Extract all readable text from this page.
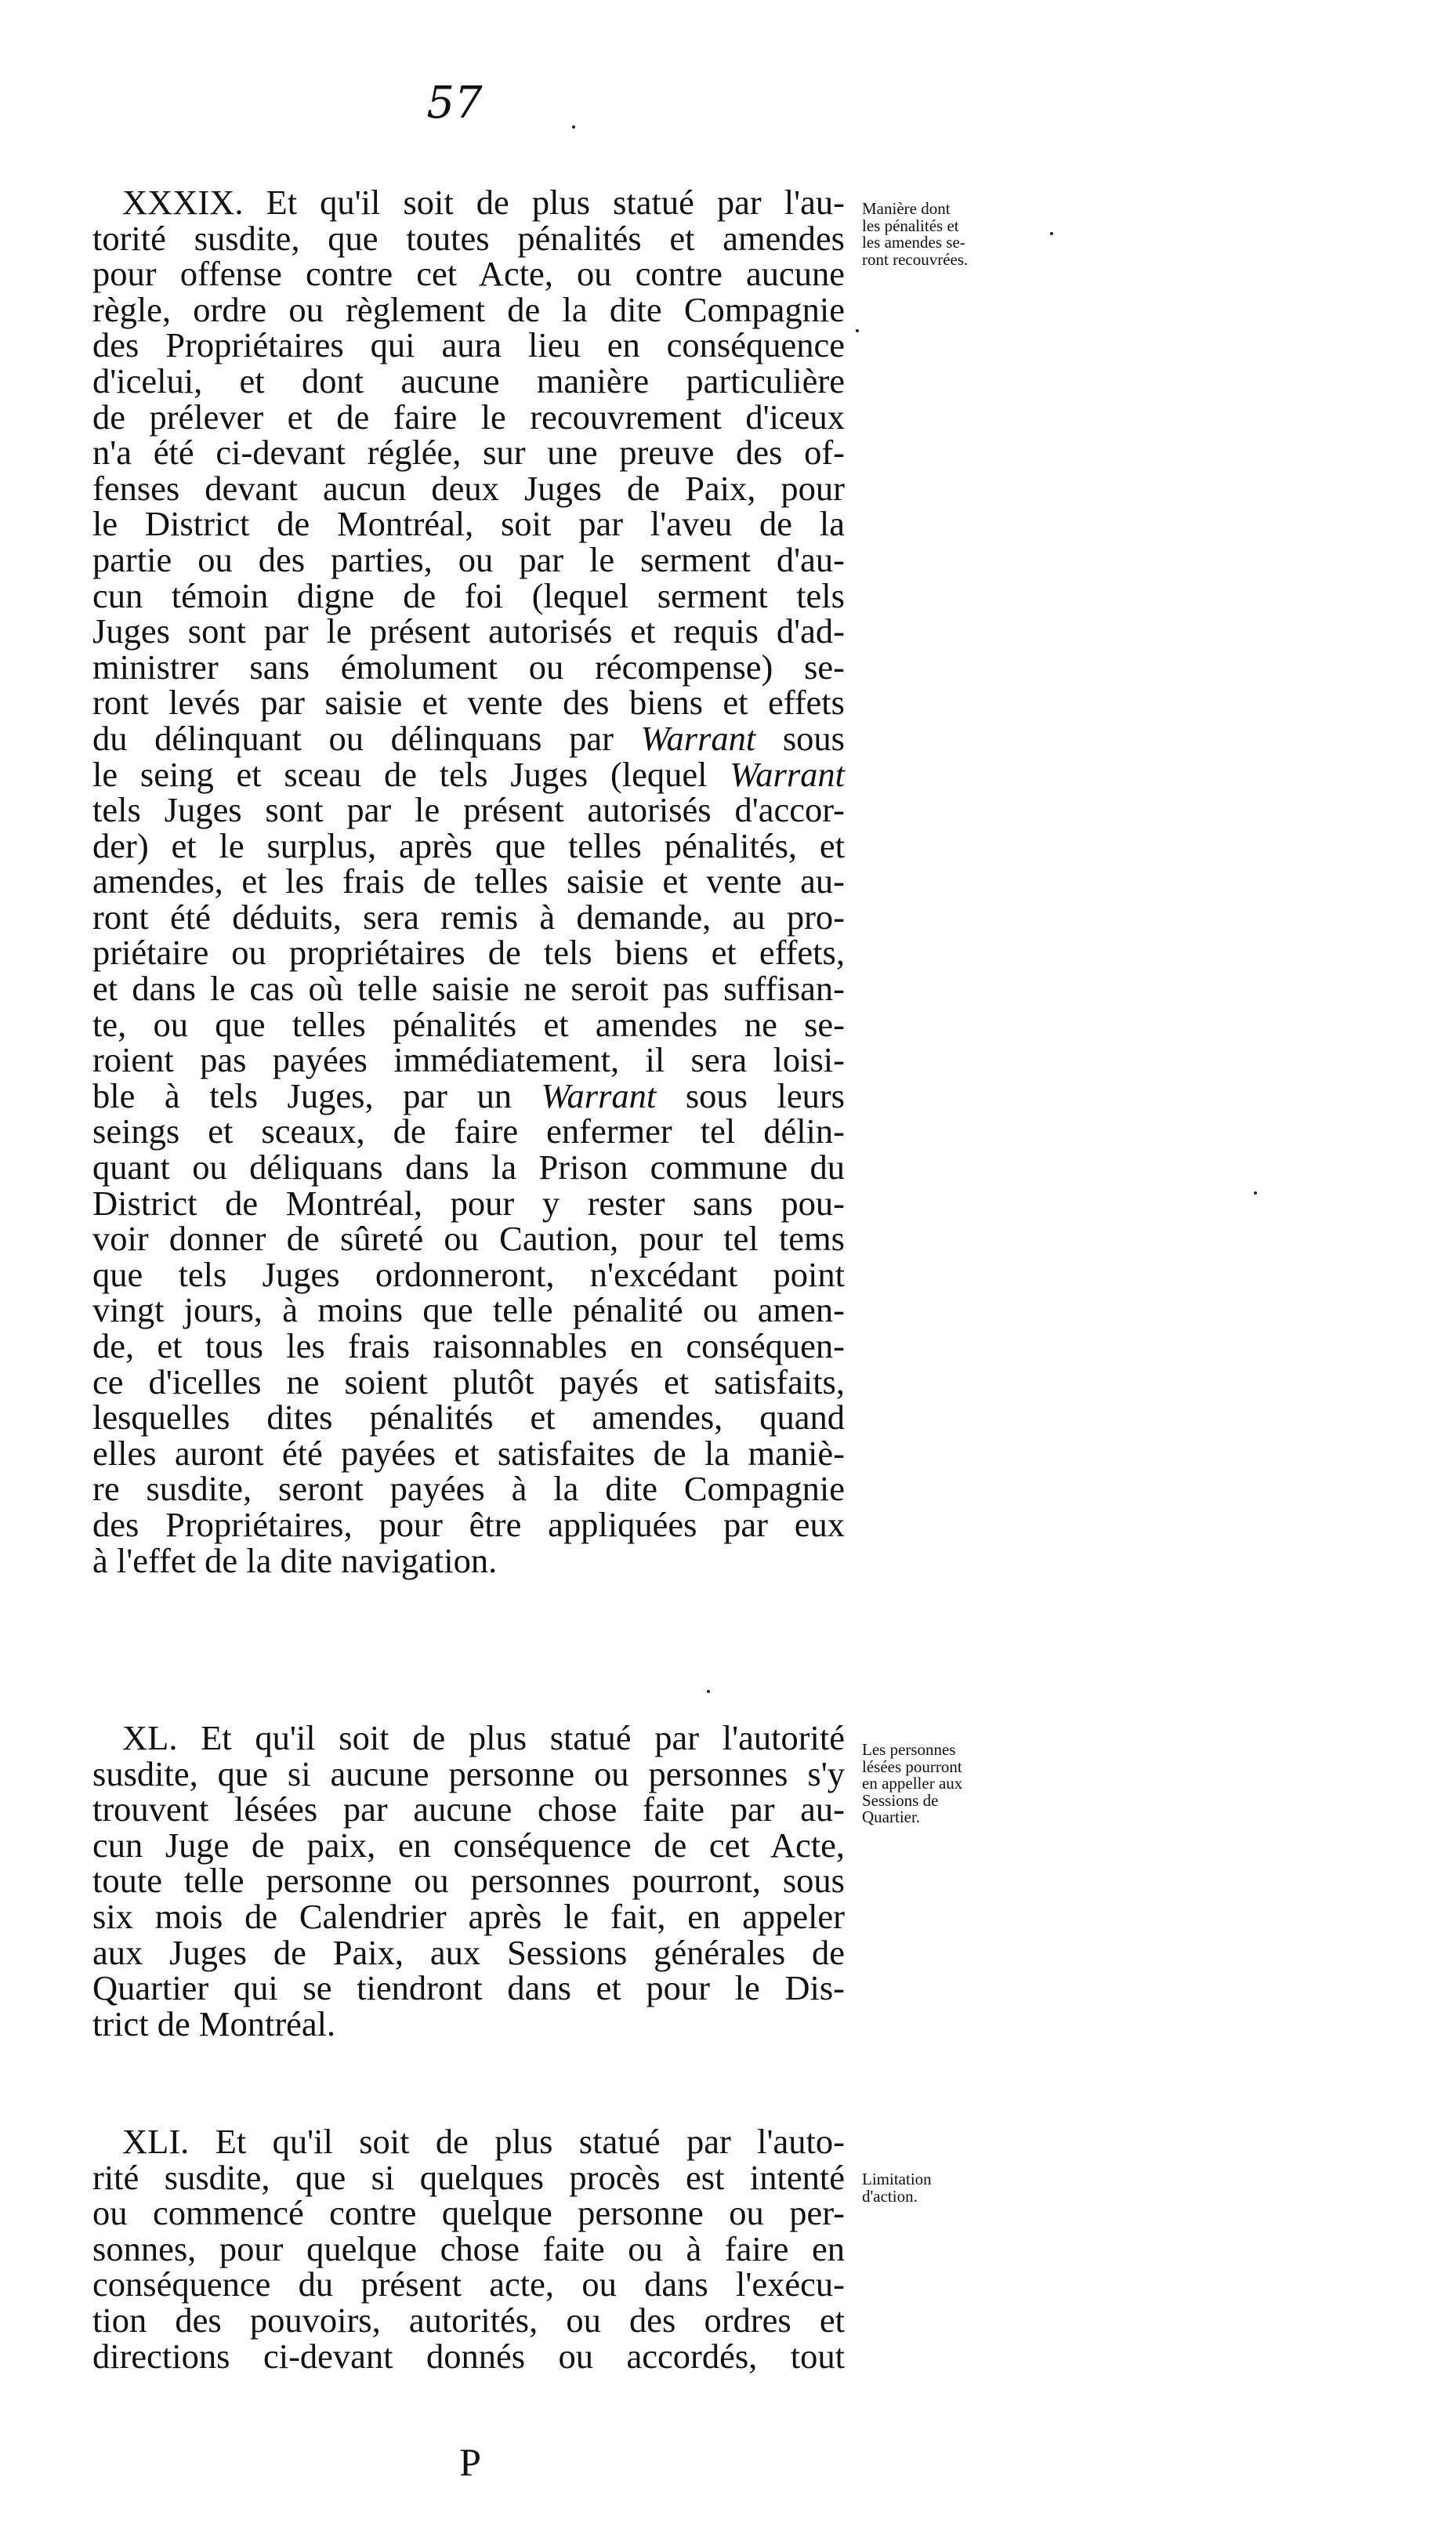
57
XXXIX. Et qu'il soit de plus statué par l'au-
torité susdite, que toutes pénalités et amendes
pour offense contre cet Acte, ou contre aucune
règle, ordre ou règlement de la dite Compagnie
des Propriétaires qui aura lieu en conséquence
d'icelui, et dont aucune manière particulière
de prélever et de faire le recouvrement d'iceux
n'a été ci-devant réglée, sur une preuve des of-
fenses devant aucun deux Juges de Paix, pour
le District de Montréal, soit par l'aveu de la
partie ou des parties, ou par le serment d'au-
cun témoin digne de foi (lequel serment tels
Juges sont par le présent autorisés et requis d'ad-
ministrer sans émolument ou récompense) se-
ront levés par saisie et vente des biens et effets
du délinquant ou délinquans par Warrant sous
le seing et sceau de tels Juges (lequel Warrant
tels Juges sont par le présent autorisés d'accor-
der) et le surplus, après que telles pénalités, et
amendes, et les frais de telles saisie et vente au-
ront été déduits, sera remis à demande, au pro-
priétaire ou propriétaires de tels biens et effets,
et dans le cas où telle saisie ne seroit pas suffisan-
te, ou que telles pénalités et amendes ne se-
roient pas payées immédiatement, il sera loisi-
ble à tels Juges, par un Warrant sous leurs
seings et sceaux, de faire enfermer tel délin-
quant ou déliquans dans la Prison commune du
District de Montréal, pour y rester sans pou-
voir donner de sûreté ou Caution, pour tel tems
que tels Juges ordonneront, n'excédant point
vingt jours, à moins que telle pénalité ou amen-
de, et tous les frais raisonnables en conséquen-
ce d'icelles ne soient plutôt payés et satisfaits,
lesquelles dites pénalités et amendes, quand
elles auront été payées et satisfaites de la maniè-
re susdite, seront payées à la dite Compagnie
des Propriétaires, pour être appliquées par eux
à l'effet de la dite navigation.
Manière dont
les pénalités et
les amendes se-
ront recouvrées.
XL. Et qu'il soit de plus statué par l'autorité
susdite, que si aucune personne ou personnes s'y
trouvent lésées par aucune chose faite par au-
cun Juge de paix, en conséquence de cet Acte,
toute telle personne ou personnes pourront, sous
six mois de Calendrier après le fait, en appeler
aux Juges de Paix, aux Sessions générales de
Quartier qui se tiendront dans et pour le Dis-
trict de Montréal.
Les personnes
lésées pourront
en appeller aux
Sessions de
Quartier.
XLI. Et qu'il soit de plus statué par l'auto-
rité susdite, que si quelques procès est intenté
ou commencé contre quelque personne ou per-
sonnes, pour quelque chose faite ou à faire en
conséquence du présent acte, ou dans l'exécu-
tion des pouvoirs, autorités, ou des ordres et
directions ci-devant donnés ou accordés, tout
Limitation
d'action.
P
